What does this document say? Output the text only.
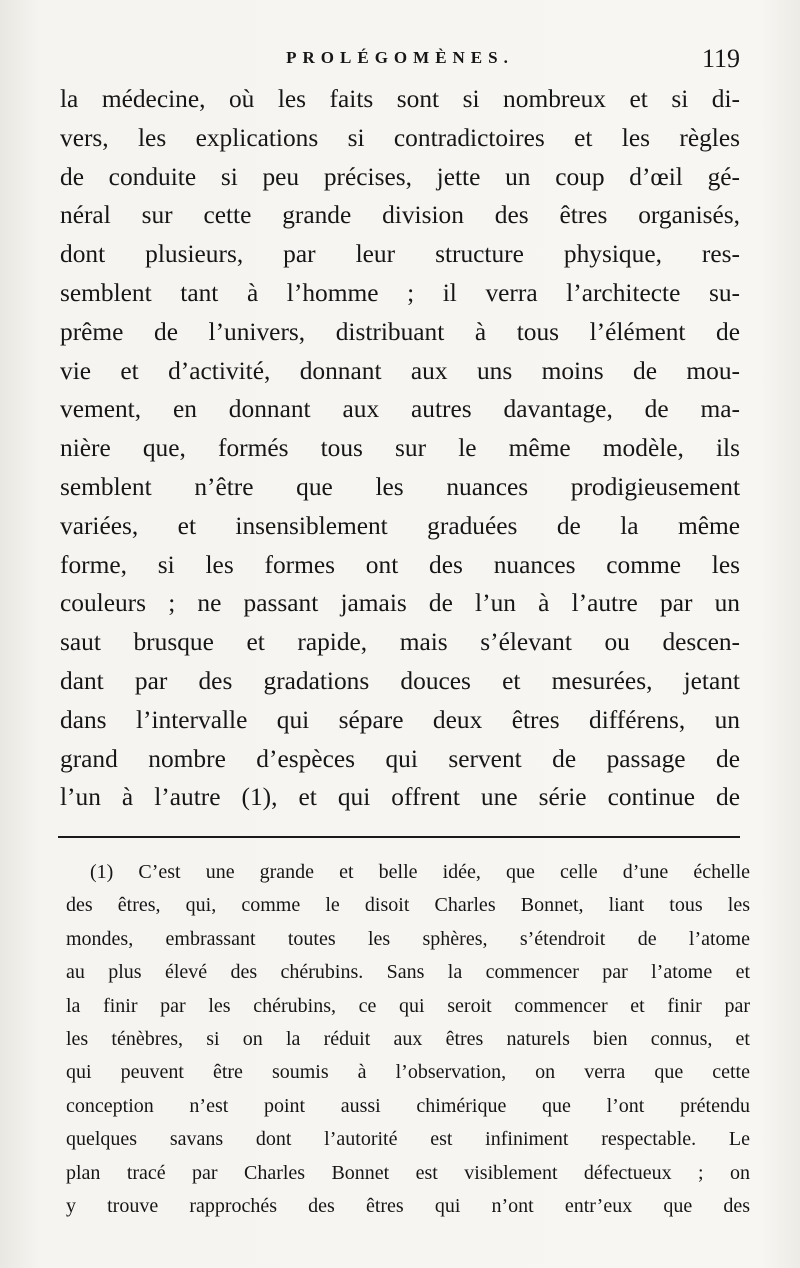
PROLÉGOMÈNES.	119
la médecine, où les faits sont si nombreux et si di-
vers, les explications si contradictoires et les règles
de conduite si peu précises, jette un coup d’œil gé-
néral sur cette grande division des êtres organisés,
dont plusieurs, par leur structure physique, res-
semblent tant à l’homme ; il verra l’architecte su-
prême de l’univers, distribuant à tous l’élément de
vie et d’activité, donnant aux uns moins de mou-
vement, en donnant aux autres davantage, de ma-
nière que, formés tous sur le même modèle, ils
semblent n’être que les nuances prodigieusement
variées, et insensiblement graduées de la même
forme, si les formes ont des nuances comme les
couleurs ; ne passant jamais de l’un à l’autre par un
saut brusque et rapide, mais s’élevant ou descen-
dant par des gradations douces et mesurées, jetant
dans l’intervalle qui sépare deux êtres différens, un
grand nombre d’espèces qui servent de passage de
l’un à l’autre (1), et qui offrent une série continue de
(1) C’est une grande et belle idée, que celle d’une échelle
des êtres, qui, comme le disoit Charles Bonnet, liant tous les
mondes, embrassant toutes les sphères, s’étendroit de l’atome
au plus élevé des chérubins. Sans la commencer par l’atome et
la finir par les chérubins, ce qui seroit commencer et finir par
les ténèbres, si on la réduit aux êtres naturels bien connus, et
qui peuvent être soumis à l’observation, on verra que cette
conception n’est point aussi chimérique que l’ont prétendu
quelques savans dont l’autorité est infiniment respectable. Le
plan tracé par Charles Bonnet est visiblement défectueux ; on
y trouve rapprochés des êtres qui n’ont entr’eux que des
